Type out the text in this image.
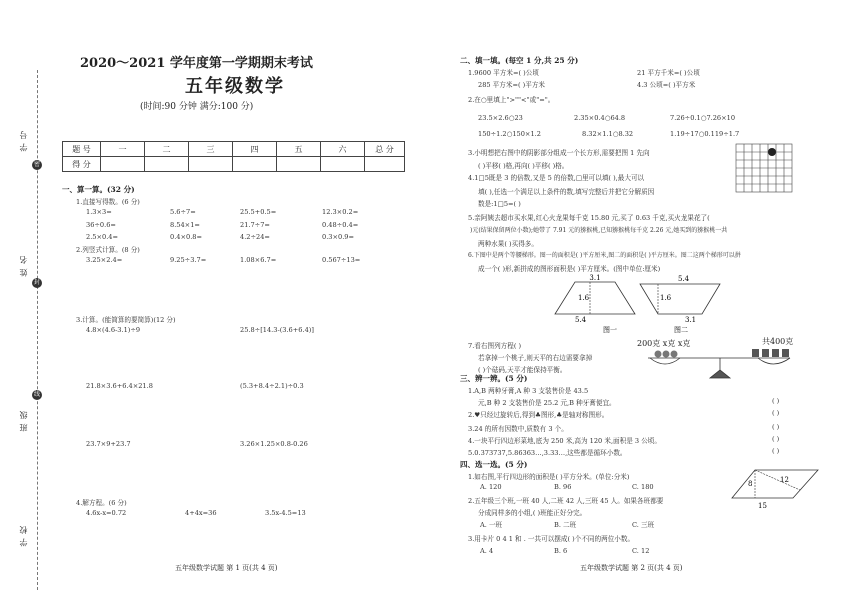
密
封
线
学 号
姓 名
班 级
学 校
2020～2021 学年度第一学期期末考试
五年级数学
(时间:90 分钟 满分:100 分)
题 号	一	二	三	四	五	六	总 分
得 分							
一、算一算。(32 分)
1.直接写得数。(6 分)
1.3×3=	5.6÷7=	25.5+0.5=	12.3×0.2=
36÷0.6=	8.54×1=	21.7÷7=	0.48÷0.4=
2.5×0.4=	0.4×0.8=	4.2÷24=	0.3×0.9=
2.列竖式计算。(8 分)
3.25×2.4=	9.25÷3.7=	1.08×6.7=	0.567÷13=
3.计算。(能简算的要简算)(12 分)
4.8×(4.6-3.1)÷9	25.8÷[14.3-(3.6+6.4)]
21.8×3.6+6.4×21.8	(5.3+8.4÷2.1)÷0.3
23.7×9+23.7	3.26×1.25×0.8-0.26
4.解方程。(6 分)
4.6x-x=0.72	4+4x=36	3.5x-4.5=13
五年级数学试题 第 1 页(共 4 页)
二、填一填。(每空 1 分,共 25 分)
1.9600 平方米=( )公顷	21 平方千米=( )公顷
285 平方米=( )平方米	4.3 公顷=( )平方米
2.在○里填上">""<"或"="。
23.5×2.6○23	2.35×0.4○64.8	7.26÷0.1○7.26×10
150÷1.2○150×1.2	8.32×1.1○8.32	1.19÷17○0.119÷1.7
3.小明想把右图中的阴影部分组成一个长方形,需要把图 1 先向
( )平移( )格,再向( )平移( )格。
4.1□5既是 3 的倍数,又是 5 的倍数,□里可以填( ),最大可以
填( ),任选一个满足以上条件的数,填写完整后并把它分解质因
数是:1□5=( )
5.亲阿姨去超市买水果,红心火龙果每千克 15.80 元,买了 0.63 千克,买火龙果花了(
)元(结果保留两位小数);她带了 7.91 元的猕猴桃,已知猕猴桃每千克 2.26 元,她买到的猕猴桃一共
两种水果( )买得多。
6.下图中是两个等腰梯形。图一的面积是( )平方厘米,图二的面积是( )平方厘米。图二这两个梯形可以拼
成一个( )形,新拼成的图形面积是( )平方厘米。(图中单位:厘米)
3.1
1.6
5.4
图一
5.4
1.6
3.1
图二
7.看右图列方程( )
若拿掉一个桃子,则天平的右边需要拿掉
( )个砝码,天平才能保持平衡。
200克 x克 x克	共400克
三、辨一辨。(5 分)
1.A,B 两种牙膏,A 种 3 支装售价是 43.5
元,B 种 2 支装售价是 25.2 元,B 种牙膏便宜。
2.♥只经过旋转后,得到♣图形,♣是轴对称图形。
3.24 的所有因数中,质数有 3 个。
4.一块平行四边形菜地,底为 250 米,高为 120 米,面积是 3 公顷。
5.0.373737,5.86363…,3.33…,这些都是循环小数。
( )
( )
( )
( )
( )
四、选一选。(5 分)
1.如右图,平行四边形的面积是( )平方分米。(单位:分米)
A. 120	B. 96	C. 180	8	12
15
2.五年级三个班,一班 40 人,二班 42 人,三班 45 人。如果各班都要
分成同样多的小组,( )班能正好分完。
A. 一班	B. 二班	C. 三班
3.用卡片 0 4 1 和 . 一共可以摆成( )个不同的两位小数。
A. 4	B. 6	C. 12
五年级数学试题 第 2 页(共 4 页)
